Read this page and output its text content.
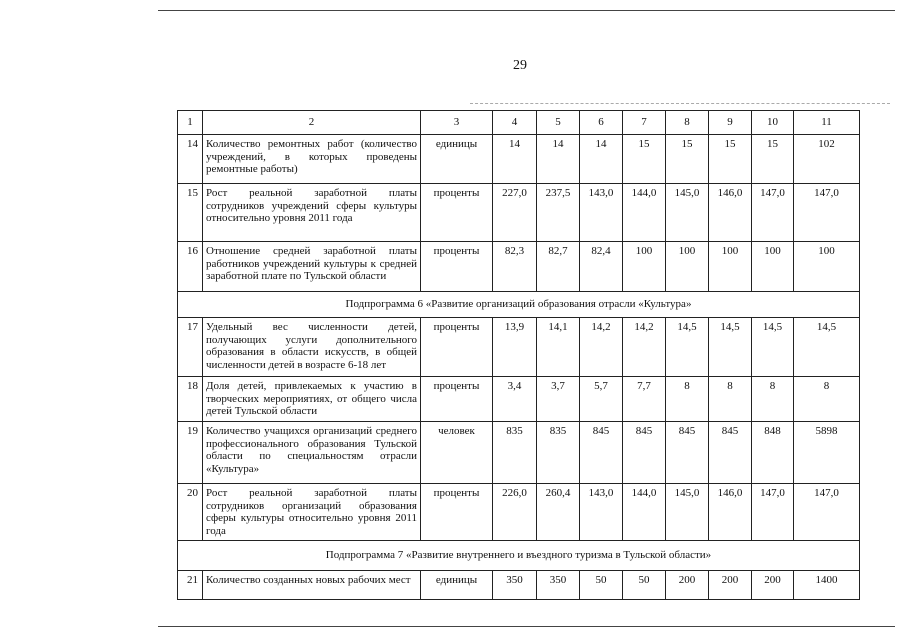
29
1	2	3	4	5	6	7	8	9	10	11
14	Количество ремонтных работ (количество учреждений, в которых проведены ремонтные работы)	единицы	14	14	14	15	15	15	15	102
15	Рост реальной заработной платы сотрудников учреждений сферы культуры относительно уровня 2011 года	проценты	227,0	237,5	143,0	144,0	145,0	146,0	147,0	147,0
16	Отношение средней заработной платы работников учреждений культуры к средней заработной плате по Тульской области	проценты	82,3	82,7	82,4	100	100	100	100	100
Подпрограмма 6 «Развитие организаций образования отрасли «Культура»										
17	Удельный вес численности детей, получающих услуги дополнительного образования в области искусств, в общей численности детей в возрасте 6-18 лет	проценты	13,9	14,1	14,2	14,2	14,5	14,5	14,5	14,5
18	Доля детей, привлекаемых к участию в творческих мероприятиях, от общего числа детей Тульской области	проценты	3,4	3,7	5,7	7,7	8	8	8	8
19	Количество учащихся организаций среднего профессионального образования Тульской области по специальностям отрасли «Культура»	человек	835	835	845	845	845	845	848	5898
20	Рост реальной заработной платы сотрудников организаций образования сферы культуры относительно уровня 2011 года	проценты	226,0	260,4	143,0	144,0	145,0	146,0	147,0	147,0
Подпрограмма 7 «Развитие внутреннего и въездного туризма в Тульской области»										
21	Количество созданных новых рабочих мест	единицы	350	350	50	50	200	200	200	1400
